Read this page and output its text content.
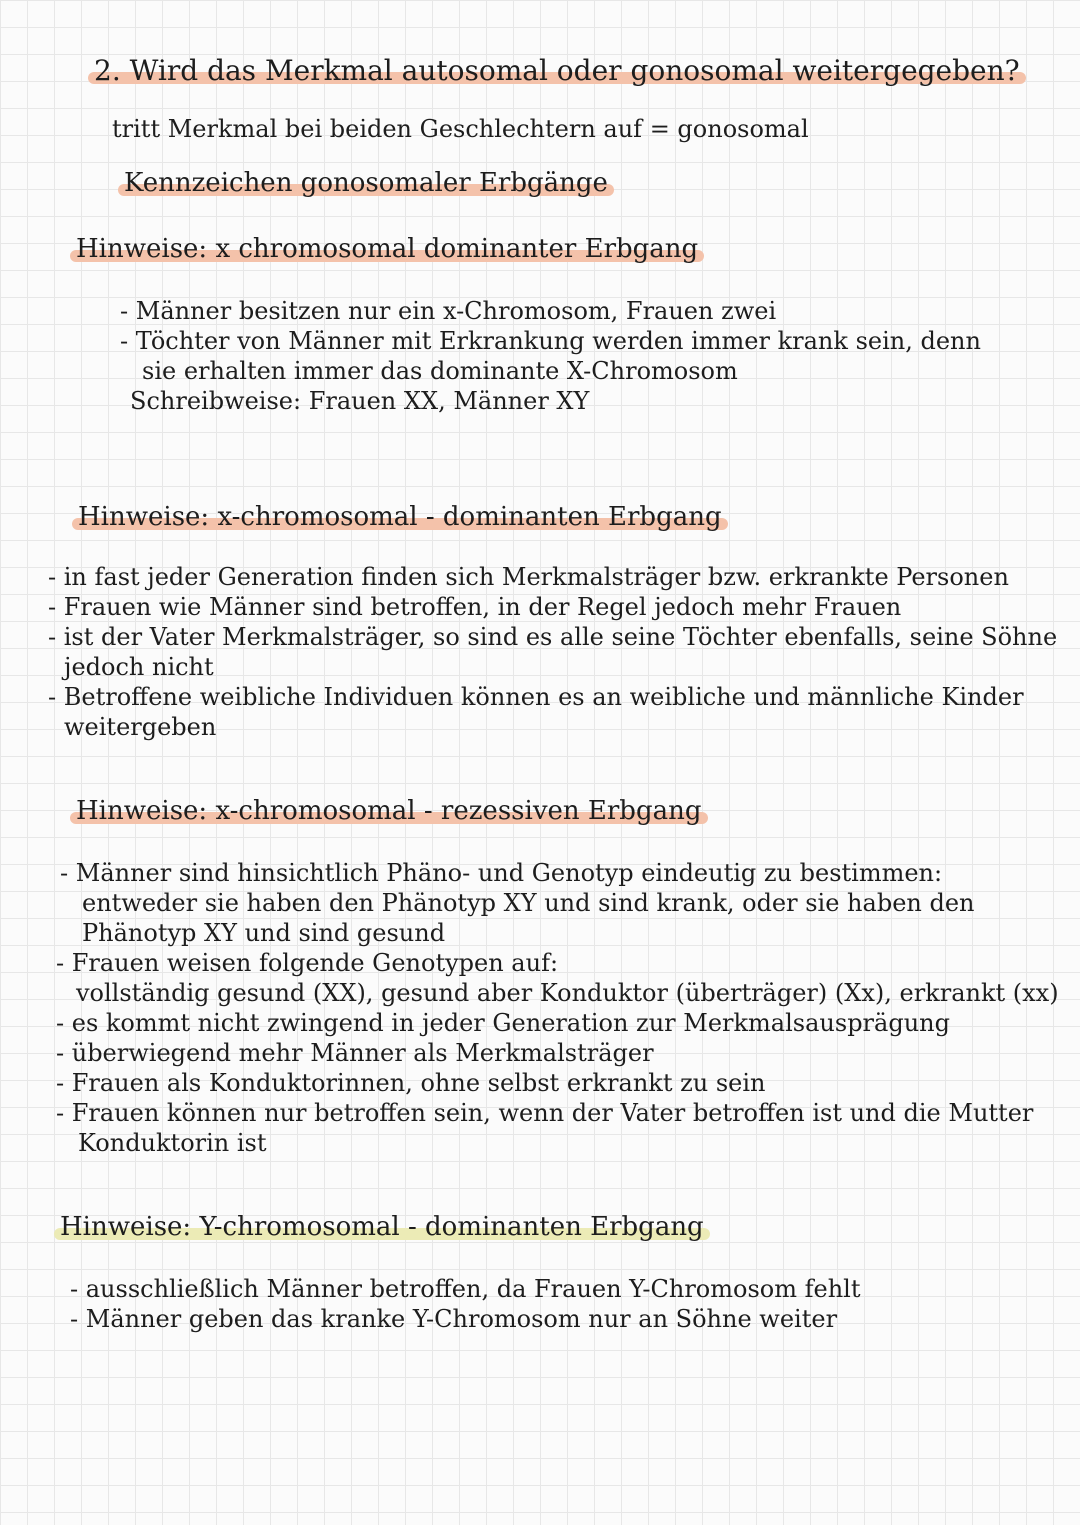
2. Wird das Merkmal autosomal oder gonosomal weitergegeben?
tritt Merkmal bei beiden Geschlechtern auf = gonosomal
Kennzeichen gonosomaler Erbgänge
Hinweise: x chromosomal dominanter Erbgang
- Männer besitzen nur ein x-Chromosom, Frauen zwei
- Töchter von Männer mit Erkrankung werden immer krank sein, denn
sie erhalten immer das dominante X-Chromosom
Schreibweise: Frauen XX, Männer XY
Hinweise: x-chromosomal - dominanten Erbgang
- in fast jeder Generation finden sich Merkmalsträger bzw. erkrankte Personen
- Frauen wie Männer sind betroffen, in der Regel jedoch mehr Frauen
- ist der Vater Merkmalsträger, so sind es alle seine Töchter ebenfalls, seine Söhne
jedoch nicht
- Betroffene weibliche Individuen können es an weibliche und männliche Kinder
weitergeben
Hinweise: x-chromosomal - rezessiven Erbgang
- Männer sind hinsichtlich Phäno- und Genotyp eindeutig zu bestimmen:
entweder sie haben den Phänotyp XY und sind krank, oder sie haben den
Phänotyp XY und sind gesund
- Frauen weisen folgende Genotypen auf:
vollständig gesund (XX), gesund aber Konduktor (überträger) (Xx), erkrankt (xx)
- es kommt nicht zwingend in jeder Generation zur Merkmalsausprägung
- überwiegend mehr Männer als Merkmalsträger
- Frauen als Konduktorinnen, ohne selbst erkrankt zu sein
- Frauen können nur betroffen sein, wenn der Vater betroffen ist und die Mutter
Konduktorin ist
Hinweise: Y-chromosomal - dominanten Erbgang
- ausschließlich Männer betroffen, da Frauen Y-Chromosom fehlt
- Männer geben das kranke Y-Chromosom nur an Söhne weiter
